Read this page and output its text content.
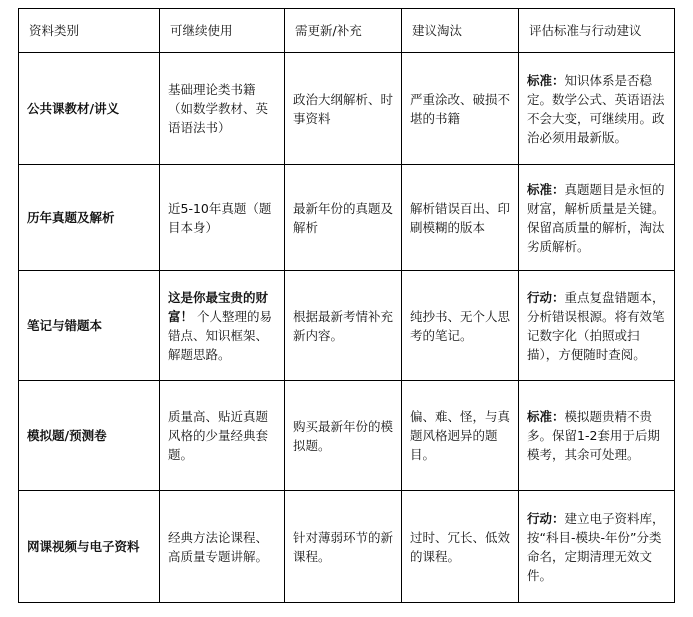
资料类别	可继续使用	需更新/补充	建议淘汰	评估标准与行动建议
公共课教材/讲义	基础理论类书籍（如数学教材、英语语法书）	政治大纲解析、时事资料	严重涂改、破损不堪的书籍	标准：知识体系是否稳定。数学公式、英语语法不会大变，可继续用。政治必须用最新版。
历年真题及解析	近5-10年真题（题目本身）	最新年份的真题及解析	解析错误百出、印刷模糊的版本	标准：真题题目是永恒的财富，解析质量是关键。保留高质量的解析，淘汰劣质解析。
笔记与错题本	这是你最宝贵的财富！ 个人整理的易错点、知识框架、解题思路。	根据最新考情补充新内容。	纯抄书、无个人思考的笔记。	行动：重点复盘错题本，分析错误根源。将有效笔记数字化（拍照或扫描），方便随时查阅。
模拟题/预测卷	质量高、贴近真题风格的少量经典套题。	购买最新年份的模拟题。	偏、难、怪，与真题风格迥异的题目。	标准：模拟题贵精不贵多。保留1-2套用于后期模考，其余可处理。
网课视频与电子资料	经典方法论课程、高质量专题讲解。	针对薄弱环节的新课程。	过时、冗长、低效的课程。	行动：建立电子资料库，按“科目-模块-年份”分类命名，定期清理无效文件。
